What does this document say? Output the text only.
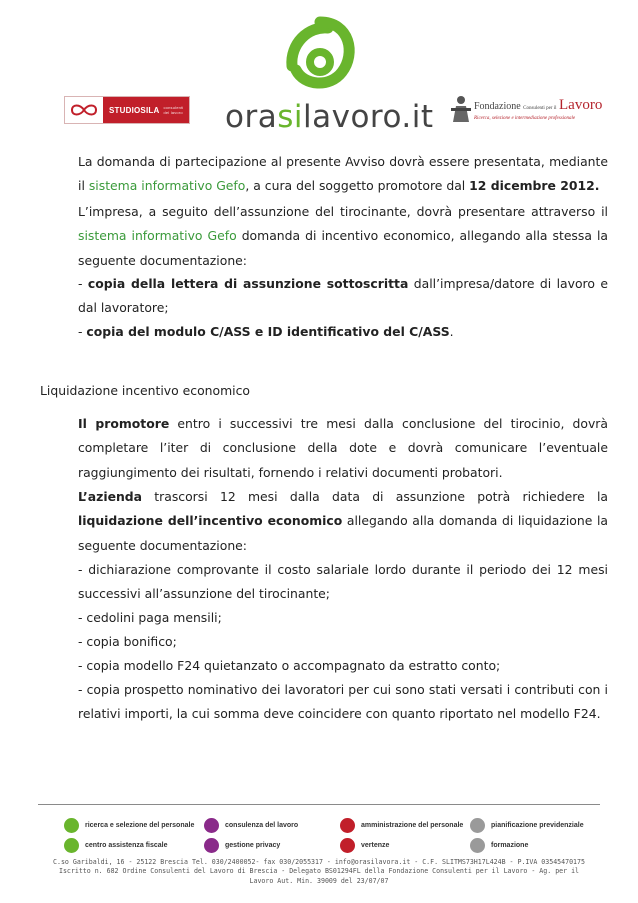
STUDIOSILA consulenti del lavoro orasilavoro.it	Fondazione Consulenti per il Lavoro
Ricerca, selezione e intermediazione professionale
La domanda di partecipazione al presente Avviso dovrà essere presentata, mediante il sistema informativo Gefo, a cura del soggetto promotore dal 12 dicembre 2012.
L’impresa, a seguito dell’assunzione del tirocinante, dovrà presentare attraverso il sistema informativo Gefo domanda di incentivo economico, allegando alla stessa la seguente documentazione:
- copia della lettera di assunzione sottoscritta dall’impresa/datore di lavoro e dal lavoratore;
- copia del modulo C/ASS e ID identificativo del C/ASS.
Liquidazione incentivo economico
Il promotore entro i successivi tre mesi dalla conclusione del tirocinio, dovrà completare l’iter di conclusione della dote e dovrà comunicare l’eventuale raggiungimento dei risultati, fornendo i relativi documenti probatori.
L’azienda trascorsi 12 mesi dalla data di assunzione potrà richiedere la liquidazione dell’incentivo economico allegando alla domanda di liquidazione la seguente documentazione:
- dichiarazione comprovante il costo salariale lordo durante il periodo dei 12 mesi successivi all’assunzione del tirocinante;
- cedolini paga mensili;
- copia bonifico;
- copia modello F24 quietanzato o accompagnato da estratto conto;
- copia prospetto nominativo dei lavoratori per cui sono stati versati i contributi con i relativi importi, la cui somma deve coincidere con quanto riportato nel modello F24.
ricerca e selezione del personale	consulenza del lavoro	amministrazione del personale	pianificazione previdenziale
centro assistenza fiscale	gestione privacy	vertenze	formazione
C.so Garibaldi, 16 - 25122 Brescia Tel. 030/2400052- fax 030/2055317 - info@orasilavora.it - C.F. SLITMS73H17L424B - P.IVA 03545470175
Iscritto n. 682 Ordine Consulenti del Lavoro di Brescia - Delegato BS01294FL della Fondazione Consulenti per il Lavoro - Ag. per il
Lavoro Aut. Min. 39009 del 23/07/07
